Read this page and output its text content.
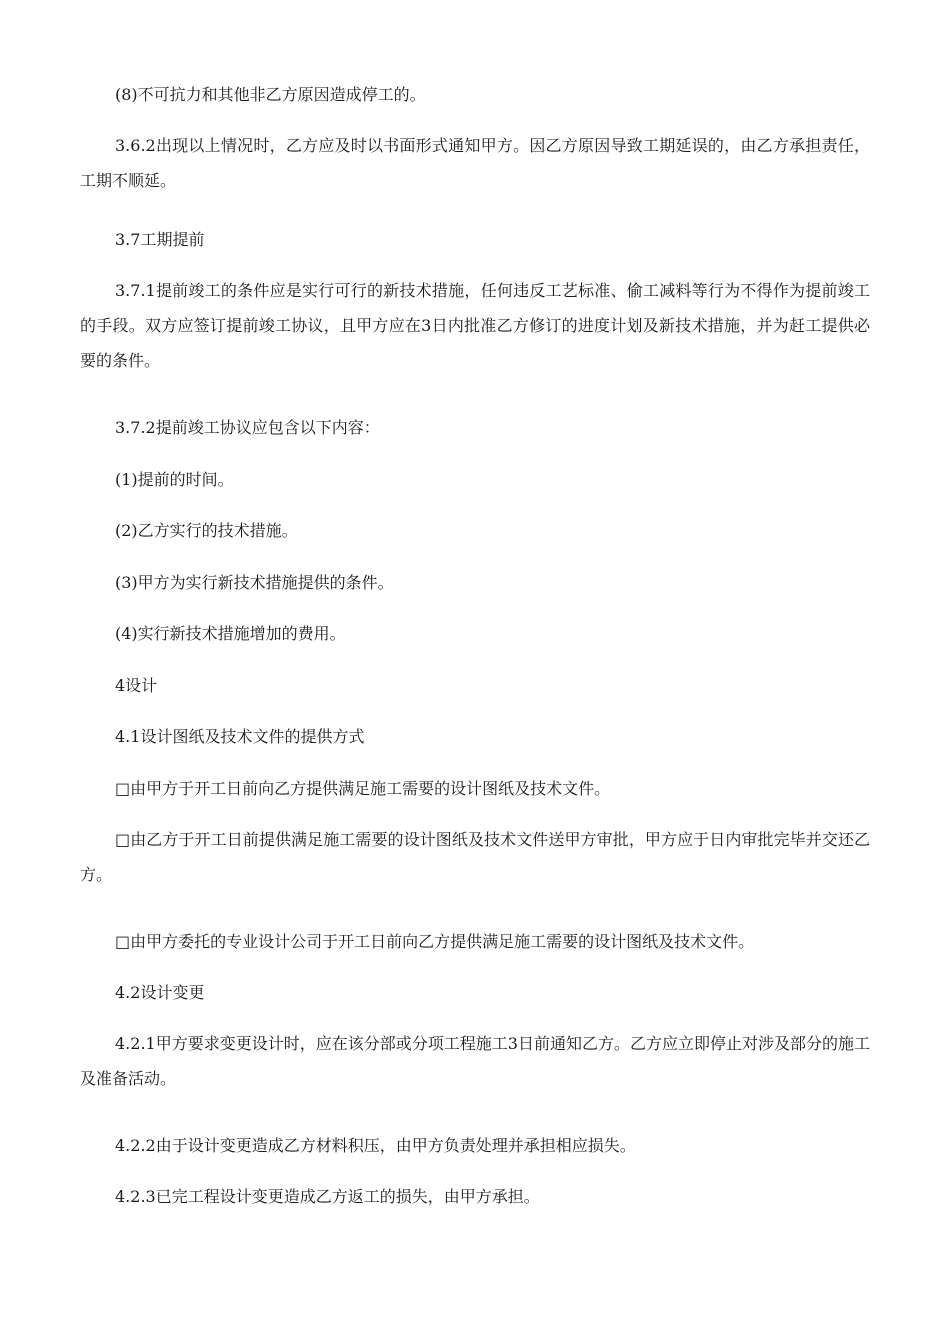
(8)不可抗力和其他非乙方原因造成停工的。

3.6.2出现以上情况时，乙方应及时以书面形式通知甲方。因乙方原因导致工期延误的，由乙方承担责任，工期不顺延。

3.7工期提前

3.7.1提前竣工的条件应是实行可行的新技术措施，任何违反工艺标准、偷工减料等行为不得作为提前竣工的手段。双方应签订提前竣工协议，且甲方应在3日内批准乙方修订的进度计划及新技术措施，并为赶工提供必要的条件。

3.7.2提前竣工协议应包含以下内容：

(1)提前的时间。

(2)乙方实行的技术措施。

(3)甲方为实行新技术措施提供的条件。

(4)实行新技术措施增加的费用。

4设计

4.1设计图纸及技术文件的提供方式

□由甲方于开工日前向乙方提供满足施工需要的设计图纸及技术文件。

□由乙方于开工日前提供满足施工需要的设计图纸及技术文件送甲方审批，甲方应于日内审批完毕并交还乙方。

□由甲方委托的专业设计公司于开工日前向乙方提供满足施工需要的设计图纸及技术文件。

4.2设计变更

4.2.1甲方要求变更设计时，应在该分部或分项工程施工3日前通知乙方。乙方应立即停止对涉及部分的施工及准备活动。

4.2.2由于设计变更造成乙方材料积压，由甲方负责处理并承担相应损失。

4.2.3已完工程设计变更造成乙方返工的损失，由甲方承担。
